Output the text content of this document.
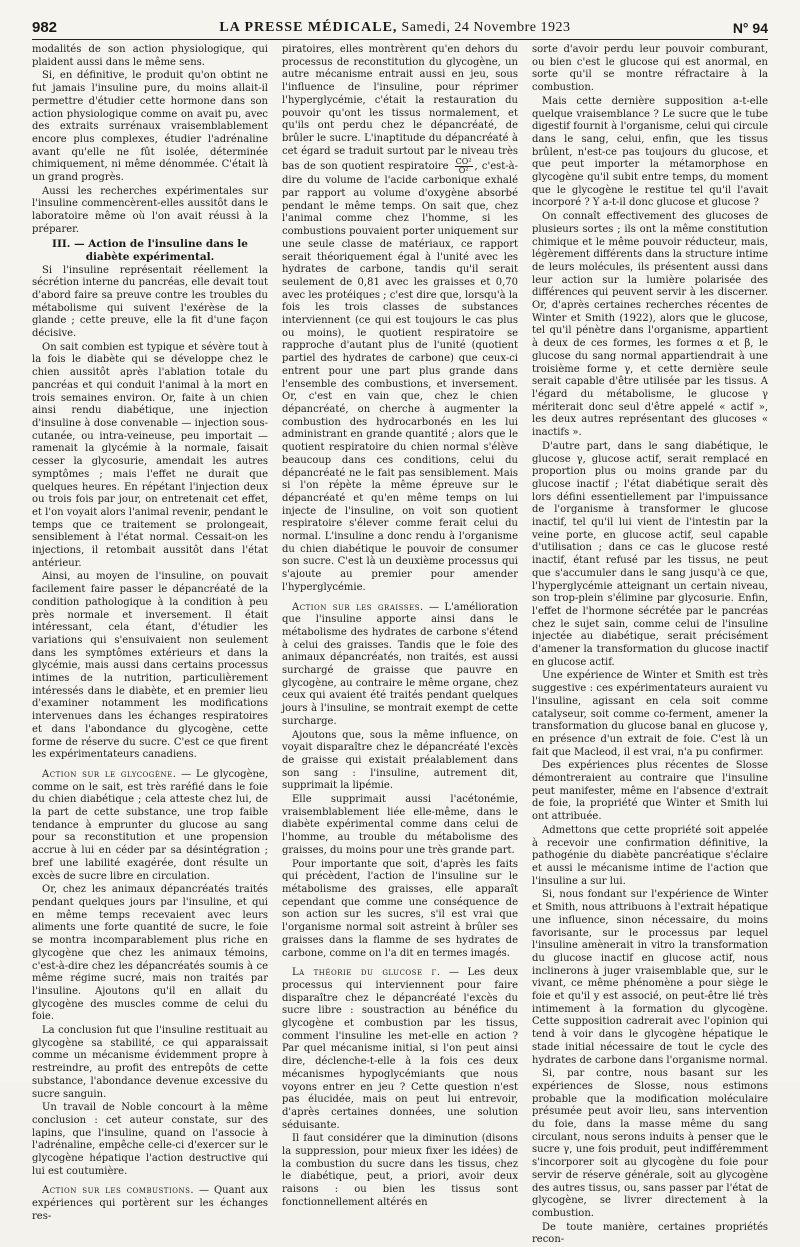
982	LA PRESSE MÉDICALE, Samedi, 24 Novembre 1923	N° 94

modalités de son action physiologique, qui plaident aussi dans le même sens.

Si, en définitive, le produit qu'on obtint ne fut jamais l'insuline pure, du moins allait-il permettre d'étudier cette hormone dans son action physiologique comme on avait pu, avec des extraits surrénaux vraisemblablement encore plus complexes, étudier l'adrénaline avant qu'elle ne fût isolée, déterminée chimiquement, ni même dénommée. C'était là un grand progrès.

Aussi les recherches expérimentales sur l'insuline commencèrent-elles aussitôt dans le laboratoire même où l'on avait réussi à la préparer.

III. — Action de l'insuline dans le diabète expérimental.

Si l'insuline représentait réellement la sécrétion interne du pancréas, elle devait tout d'abord faire sa preuve contre les troubles du métabolisme qui suivent l'exérèse de la glande ; cette preuve, elle la fit d'une façon décisive.

On sait combien est typique et sévère tout à la fois le diabète qui se développe chez le chien aussitôt après l'ablation totale du pancréas et qui conduit l'animal à la mort en trois semaines environ. Or, faite à un chien ainsi rendu diabétique, une injection d'insuline à dose convenable — injection sous-cutanée, ou intra-veineuse, peu importait — ramenait la glycémie à la normale, faisait cesser la glycosurie, amendait les autres symptômes ; mais l'effet ne durait que quelques heures. En répétant l'injection deux ou trois fois par jour, on entretenait cet effet, et l'on voyait alors l'animal revenir, pendant le temps que ce traitement se prolongeait, sensiblement à l'état normal. Cessait-on les injections, il retombait aussitôt dans l'état antérieur.

Ainsi, au moyen de l'insuline, on pouvait facilement faire passer le dépancréaté de la condition pathologique à la condition à peu près normale et inversement. Il était intéressant, cela étant, d'étudier les variations qui s'ensuivaient non seulement dans les symptômes extérieurs et dans la glycémie, mais aussi dans certains processus intimes de la nutrition, particulièrement intéressés dans le diabète, et en premier lieu d'examiner notamment les modifications intervenues dans les échanges respiratoires et dans l'abondance du glycogène, cette forme de réserve du sucre. C'est ce que firent les expérimentateurs canadiens.

Action sur le glycogène. — Le glycogène, comme on le sait, est très raréfié dans le foie du chien diabétique ; cela atteste chez lui, de la part de cette substance, une trop faible tendance à emprunter du glucose au sang pour sa reconstitution et une propension accrue à lui en céder par sa désintégration ; bref une labilité exagérée, dont résulte un excès de sucre libre en circulation.

Or, chez les animaux dépancréatés traités pendant quelques jours par l'insuline, et qui en même temps recevaient avec leurs aliments une forte quantité de sucre, le foie se montra incomparablement plus riche en glycogène que chez les animaux témoins, c'est-à-dire chez les dépancréatés soumis à ce même régime sucré, mais non traités par l'insuline. Ajoutons qu'il en allait du glycogène des muscles comme de celui du foie.

La conclusion fut que l'insuline restituait au glycogène sa stabilité, ce qui apparaissait comme un mécanisme évidemment propre à restreindre, au profit des entrepôts de cette substance, l'abondance devenue excessive du sucre sanguin.

Un travail de Noble concourt à la même conclusion : cet auteur constate, sur des lapins, que l'insuline, quand on l'associe à l'adrénaline, empêche celle-ci d'exercer sur le glycogène hépatique l'action destructive qui lui est coutumière.

Action sur les combustions. — Quant aux expériences qui portèrent sur les échanges res-

piratoires, elles montrèrent qu'en dehors du processus de reconstitution du glycogène, un autre mécanisme entrait aussi en jeu, sous l'influence de l'insuline, pour réprimer l'hyperglycémie, c'était la restauration du pouvoir qu'ont les tissus normalement, et qu'ils ont perdu chez le dépancréaté, de brûler le sucre. L'inaptitude du dépancréaté à cet égard se traduit surtout par le niveau très bas de son quotient respiratoire $\frac{\text{CO²}}{\text{O²}}$ , c'est-à-dire du volume de l'acide carbonique exhalé par rapport au volume d'oxygène absorbé pendant le même temps. On sait que, chez l'animal comme chez l'homme, si les combustions pouvaient porter uniquement sur une seule classe de matériaux, ce rapport serait théoriquement égal à l'unité avec les hydrates de carbone, tandis qu'il serait seulement de 0,81 avec les graisses et 0,70 avec les protéiques ; c'est dire que, lorsqu'à la fois les trois classes de substances interviennent (ce qui est toujours le cas plus ou moins), le quotient respiratoire se rapproche d'autant plus de l'unité (quotient partiel des hydrates de carbone) que ceux-ci entrent pour une part plus grande dans l'ensemble des combustions, et inversement. Or, c'est en vain que, chez le chien dépancréaté, on cherche à augmenter la combustion des hydrocarbonés en les lui administrant en grande quantité ; alors que le quotient respiratoire du chien normal s'élève beaucoup dans ces conditions, celui du dépancréaté ne le fait pas sensiblement. Mais si l'on répète la même épreuve sur le dépancréaté et qu'en même temps on lui injecte de l'insuline, on voit son quotient respiratoire s'élever comme ferait celui du normal. L'insuline a donc rendu à l'organisme du chien diabétique le pouvoir de consumer son sucre. C'est là un deuxième processus qui s'ajoute au premier pour amender l'hyperglycémie.

Action sur les graisses. — L'amélioration que l'insuline apporte ainsi dans le métabolisme des hydrates de carbone s'étend à celui des graisses. Tandis que le foie des animaux dépancréatés, non traités, est aussi surchargé de graisse que pauvre en glycogène, au contraire le même organe, chez ceux qui avaient été traités pendant quelques jours à l'insuline, se montrait exempt de cette surcharge.

Ajoutons que, sous la même influence, on voyait disparaître chez le dépancréaté l'excès de graisse qui existait préalablement dans son sang : l'insuline, autrement dit, supprimait la lipémie.

Elle supprimait aussi l'acétonémie, vraisemblablement liée elle-même, dans le diabète expérimental comme dans celui de l'homme, au trouble du métabolisme des graisses, du moins pour une très grande part.

Pour importante que soit, d'après les faits qui précèdent, l'action de l'insuline sur le métabolisme des graisses, elle apparaît cependant que comme une conséquence de son action sur les sucres, s'il est vrai que l'organisme normal soit astreint à brûler ses graisses dans la flamme de ses hydrates de carbone, comme on l'a dit en termes imagés.

La théorie du glucose γ. — Les deux processus qui interviennent pour faire disparaître chez le dépancréaté l'excès du sucre libre : soustraction au bénéfice du glycogène et combustion par les tissus, comment l'insuline les met-elle en action ? Par quel mécanisme initial, si l'on peut ainsi dire, déclenche-t-elle à la fois ces deux mécanismes hypoglycémiants que nous voyons entrer en jeu ? Cette question n'est pas élucidée, mais on peut lui entrevoir, d'après certaines données, une solution séduisante.

Il faut considérer que la diminution (disons la suppression, pour mieux fixer les idées) de la combustion du sucre dans les tissus, chez le diabétique, peut, a priori, avoir deux raisons : ou bien les tissus sont fonctionnellement altérés en

sorte d'avoir perdu leur pouvoir comburant, ou bien c'est le glucose qui est anormal, en sorte qu'il se montre réfractaire à la combustion.

Mais cette dernière supposition a-t-elle quelque vraisemblance ? Le sucre que le tube digestif fournit à l'organisme, celui qui circule dans le sang, celui, enfin, que les tissus brûlent, n'est-ce pas toujours du glucose, et que peut importer la métamorphose en glycogène qu'il subit entre temps, du moment que le glycogène le restitue tel qu'il l'avait incorporé ? Y a-t-il donc glucose et glucose ?

On connaît effectivement des glucoses de plusieurs sortes ; ils ont la même constitution chimique et le même pouvoir réducteur, mais, légèrement différents dans la structure intime de leurs molécules, ils présentent aussi dans leur action sur la lumière polarisée des différences qui peuvent servir à les discerner. Or, d'après certaines recherches récentes de Winter et Smith (1922), alors que le glucose, tel qu'il pénètre dans l'organisme, appartient à deux de ces formes, les formes α et β, le glucose du sang normal appartiendrait à une troisième forme γ, et cette dernière seule serait capable d'être utilisée par les tissus. A l'égard du métabolisme, le glucose γ mériterait donc seul d'être appelé « actif », les deux autres représentant des glucoses « inactifs ».

D'autre part, dans le sang diabétique, le glucose γ, glucose actif, serait remplacé en proportion plus ou moins grande par du glucose inactif ; l'état diabétique serait dès lors défini essentiellement par l'impuissance de l'organisme à transformer le glucose inactif, tel qu'il lui vient de l'intestin par la veine porte, en glucose actif, seul capable d'utilisation ; dans ce cas le glucose resté inactif, étant refusé par les tissus, ne peut que s'accumuler dans le sang jusqu'à ce que, l'hyperglycémie atteignant un certain niveau, son trop-plein s'élimine par glycosurie. Enfin, l'effet de l'hormone sécrétée par le pancréas chez le sujet sain, comme celui de l'insuline injectée au diabétique, serait précisément d'amener la transformation du glucose inactif en glucose actif.

Une expérience de Winter et Smith est très suggestive : ces expérimentateurs auraient vu l'insuline, agissant en cela soit comme catalyseur, soit comme co-ferment, amener la transformation du glucose banal en glucose γ, en présence d'un extrait de foie. C'est là un fait que Macleod, il est vrai, n'a pu confirmer.

Des expériences plus récentes de Slosse démontreraient au contraire que l'insuline peut manifester, même en l'absence d'extrait de foie, la propriété que Winter et Smith lui ont attribuée.

Admettons que cette propriété soit appelée à recevoir une confirmation définitive, la pathogénie du diabète pancréatique s'éclaire et aussi le mécanisme intime de l'action que l'insuline a sur lui.

Si, nous fondant sur l'expérience de Winter et Smith, nous attribuons à l'extrait hépatique une influence, sinon nécessaire, du moins favorisante, sur le processus par lequel l'insuline amènerait in vitro la transformation du glucose inactif en glucose actif, nous inclinerons à juger vraisemblable que, sur le vivant, ce même phénomène a pour siège le foie et qu'il y est associé, on peut-être lié très intimement à la formation du glycogène. Cette supposition cadrerait avec l'opinion qui tend à voir dans le glycogène hépatique le stade initial nécessaire de tout le cycle des hydrates de carbone dans l'organisme normal.

Si, par contre, nous basant sur les expériences de Slosse, nous estimons probable que la modification moléculaire présumée peut avoir lieu, sans intervention du foie, dans la masse même du sang circulant, nous serons induits à penser que le sucre γ, une fois produit, peut indifféremment s'incorporer soit au glycogène du foie pour servir de réserve générale, soit au glycogène des autres tissus, ou, sans passer par l'état de glycogène, se livrer directement à la combustion.

De toute manière, certaines propriétés recon-
